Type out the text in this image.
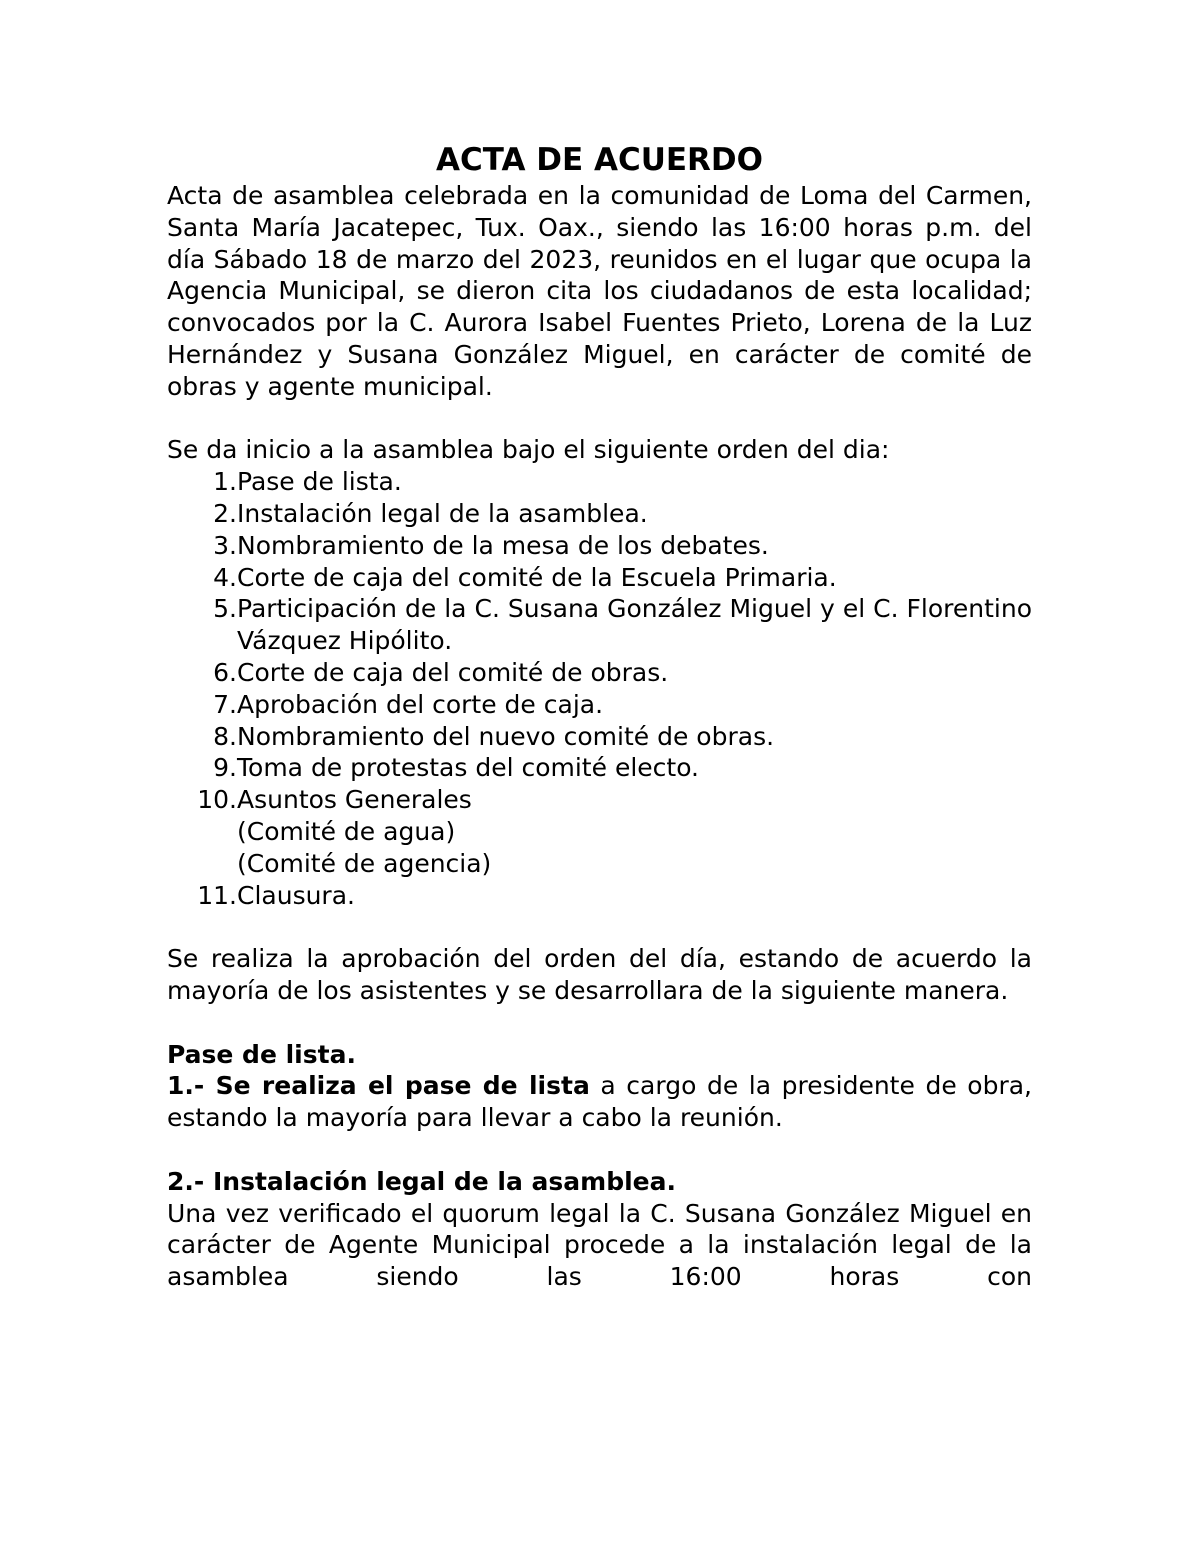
ACTA DE ACUERDO

Acta de asamblea celebrada en la comunidad de Loma del Carmen, Santa María Jacatepec, Tux. Oax., siendo las 16:00 horas p.m. del día Sábado 18 de marzo del 2023, reunidos en el lugar que ocupa la Agencia Municipal, se dieron cita los ciudadanos de esta localidad; convocados por la C. Aurora Isabel Fuentes Prieto, Lorena de la Luz Hernández y Susana González Miguel, en carácter de comité de obras y agente municipal.

Se da inicio a la asamblea bajo el siguiente orden del dia:

1. Pase de lista.
2. Instalación legal de la asamblea.
3. Nombramiento de la mesa de los debates.
4. Corte de caja del comité de la Escuela Primaria.
5. Participación de la C. Susana González Miguel y el C. Florentino Vázquez Hipólito.
6. Corte de caja del comité de obras.
7. Aprobación del corte de caja.
8. Nombramiento del nuevo comité de obras.
9. Toma de protestas del comité electo.
10. Asuntos Generales
(Comité de agua)
(Comité de agencia)
11. Clausura.

Se realiza la aprobación del orden del día, estando de acuerdo la mayoría de los asistentes y se desarrollara de la siguiente manera.

Pase de lista.

1.- Se realiza el pase de lista a cargo de la presidente de obra, estando la mayoría para llevar a cabo la reunión.

2.- Instalación legal de la asamblea.

Una vez verificado el quorum legal la C. Susana González Miguel en carácter de Agente Municipal procede a la instalación legal de la asamblea siendo las 16:00 horas con
